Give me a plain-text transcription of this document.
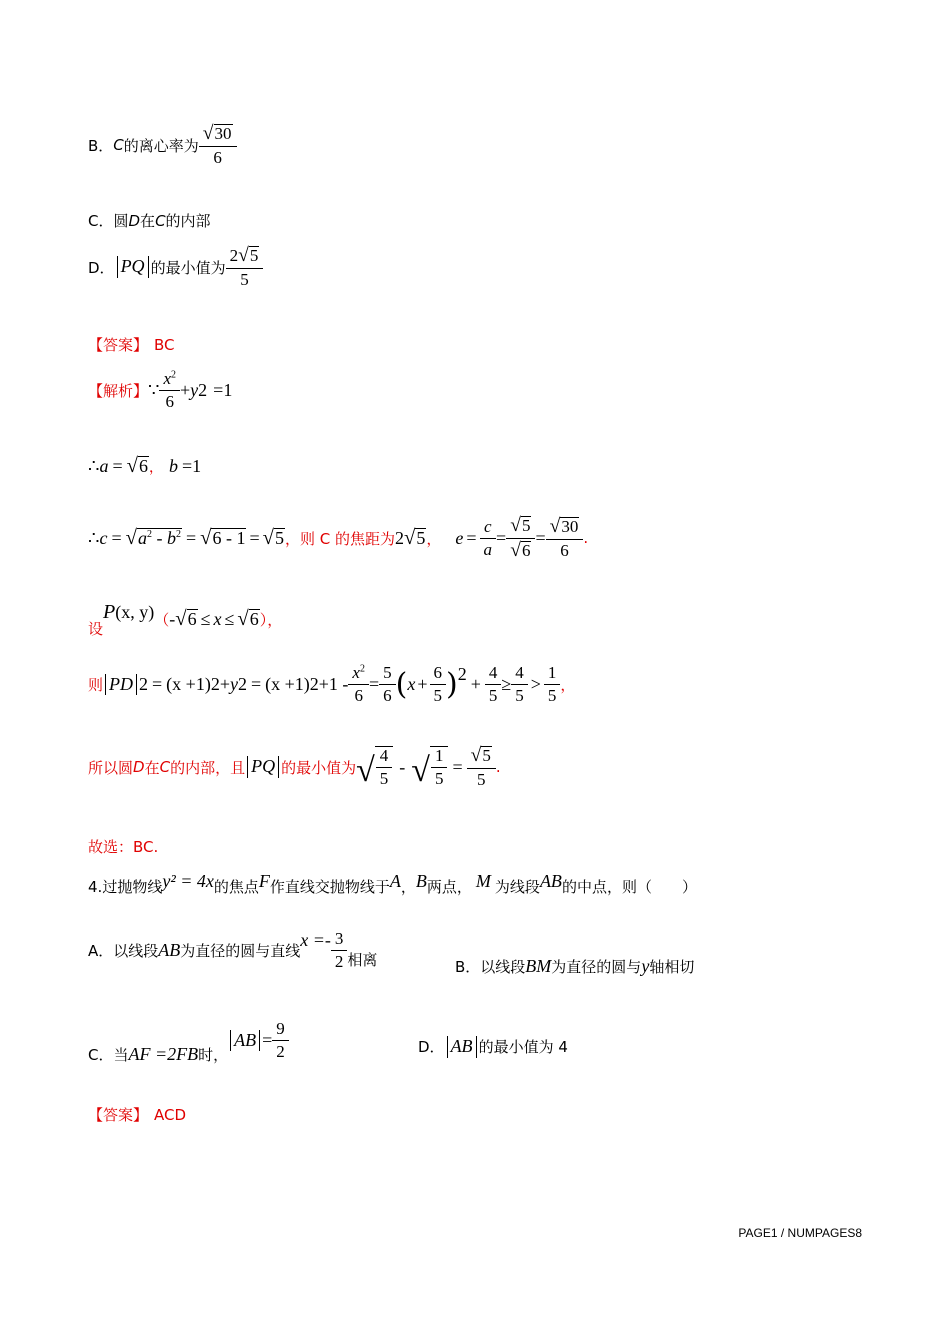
B． C 的离心率为 $\frac{√ 30}{6}$
C．圆 D 在 C 的内部
D． PQ 的最小值为 $\frac{2 √ 5}{5}$
【答案】 BC
【解析】 ∵ $\frac{x^2}{6} + y$ 2 =1
∴ a = √ 6 ， b =1
∴ c = √ $a^2 - b^2$ = √ 6 - 1 = √ 5 ，则 C 的焦距为 2 √ 5 ， $e = \frac{c}{a} = \frac{√ 5}{√ 6} = \frac{√ 30}{6}$ .
设
P (x, y) （ - √ 6 ≤ x ≤ √ 6 ），
则 PD 2 = (x +1) 2 + y 2 = (x +1) $2 +1 - \frac{x^2}{6} = \frac{5}{6}$ ( $x + \frac{6}{5}$ ) $2 + \frac{4}{5} \ge \frac{4}{5} > \frac{1}{5}$ ，
所以圆 D 在 C 的内部，且 PQ 的最小值为 √ $\frac{4}{5}$ - √ $\frac{1}{5} = \frac{√ 5}{5}$ .
故选：BC.
4. 过抛物线 y² = 4x 的焦点 F 作直线交抛物线于 A ， B 两点， M 为线段 AB 的中点，则（　　）
A．以线段 AB 为直径的圆与直线
$x =- \frac{3}{2}$ 相离	B．以线段 BM 为直径的圆与 y 轴相切
C．当 AF =2FB 时，
AB = $\frac{9}{2}$	D． AB 的最小值为 4
【答案】 ACD
PAGE1 / NUMPAGES8
